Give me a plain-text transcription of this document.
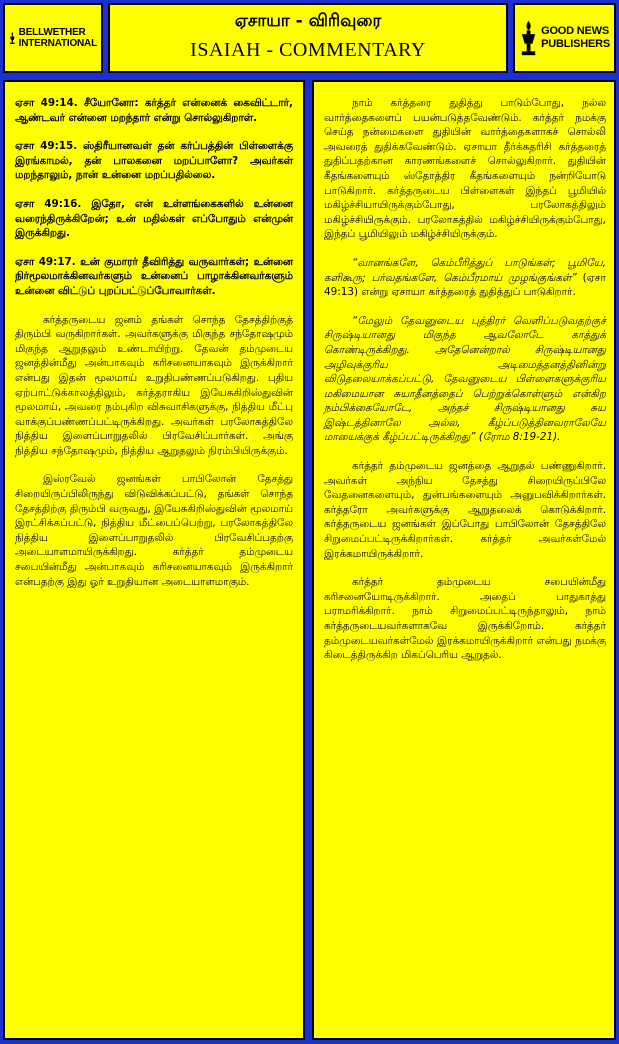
BELLWETHER
INTERNATIONAL
ஏசாயா - விரிவுரை
ISAIAH - COMMENTARY
GOOD NEWS
PUBLISHERS

ஏசா 49:14. சீயோனோ: கர்த்தர் என்னைக் கைவிட்டார், ஆண்டவர் என்னை மறந்தார் என்று சொல்லுகிறாள்.

ஏசா 49:15. ஸ்திரீயானவள் தன் கர்ப்பத்தின் பிள்ளைக்கு இரங்காமல், தன் பாலகனை மறப்பாளோ? அவர்கள் மறந்தாலும், நான் உன்னை மறப்பதில்லை.

ஏசா 49:16. இதோ, என் உள்ளங்கைகளில் உன்னை வரைந்திருக்கிறேன்; உன் மதில்கள் எப்போதும் என்முன் இருக்கிறது.

ஏசா 49:17. உன் குமாரர் தீவிரித்து வருவார்கள்; உன்னை நிர்மூலமாக்கினவர்களும் உன்னைப் பாழாக்கினவர்களும் உன்னை விட்டுப் புறப்பட்டுப்போவார்கள்.

கர்த்தருடைய ஜனம் தங்கள் சொந்த தேசத்திற்குத் திரும்பி வருகிறார்கள். அவர்களுக்கு மிகுந்த சந்தோஷமும் மிகுந்த ஆறுதலும் உண்டாயிற்று. தேவன் தம்முடைய ஜனத்தின்மீது அன்பாகவும் கரிசனையாகவும் இருக்கிறார் என்பது இதன் மூலமாய் உறுதிபண்ணப்படுகிறது. புதிய ஏற்பாட்டுக்காலத்திலும், கர்த்தராகிய இயேசுகிறிஸ்துவின் மூலமாய், அவரை நம்புகிற விசுவாசிகளுக்கு, நித்திய மீட்பு வாக்குப்பண்ணப்பட்டிருக்கிறது. அவர்கள் பரலோகத்திலே நித்திய இளைப்பாறுதலில் பிரவேசிப்பார்கள். அங்கு நித்திய சந்தோஷமும், நித்திய ஆறுதலும் நிரம்பியிருக்கும்.

இஸ்ரவேல் ஜனங்கள் பாபிலோன் தேசத்து சிறையிருப்பிலிருந்து விடுவிக்கப்பட்டு, தங்கள் சொந்த தேசத்திற்கு திரும்பி வருவது, இயேசுகிறிஸ்துவின் மூலமாய் இரட்சிக்கப்பட்டு, நித்திய மீட்பைப்பெற்று, பரலோகத்திலே நித்திய இளைப்பாறுதலில் பிரவேசிப்பதற்கு அடையாளமாயிருக்கிறது. கர்த்தர் தம்முடைய சபையின்மீது அன்பாகவும் கரிசனையாகவும் இருக்கிறார் என்பதற்கு இது ஓர் உறுதியான அடையாளமாகும்.

நாம் கர்த்தரை துதித்து பாடும்போது, நல்ல வார்த்தைகளைப் பயன்படுத்தவேண்டும். கர்த்தர் நமக்கு செய்த நன்மைகளை துதியின் வார்த்தைகளாகச் சொல்லி அவரைத் துதிக்கவேண்டும். ஏசாயா தீர்க்கதரிசி கர்த்தரைத் துதிப்பதற்கான காரணங்களைச் சொல்லுகிறார். துதியின் கீதங்களையும் ஸ்தோத்திர கீதங்களையும் நன்றியோடு பாடுகிறார். கர்த்தருடைய பிள்ளைகள் இந்தப் பூமியில் மகிழ்ச்சியாயிருக்கும்போது, பரலோகத்திலும் மகிழ்ச்சியிருக்கும். பரலோகத்தில் மகிழ்ச்சியிருக்கும்போது, இந்தப் பூமியிலும் மகிழ்ச்சியிருக்கும்.

“வானங்களே, கெம்பீரித்துப் பாடுங்கள்; பூமியே, களிகூரு; பர்வதங்களே, கெம்பீரமாய் முழங்குங்கள்” (ஏசா 49:13) என்று ஏசாயா கர்த்தரைத் துதித்துப் பாடுகிறார்.

“மேலும் தேவனுடைய புத்திரர் வெளிப்படுவதற்குச் சிருஷ்டியானது மிகுந்த ஆவலோடே காத்துக் கொண்டிருக்கிறது. அதேனென்றால் சிருஷ்டியானது அழிவுக்குரிய அடிமைத்தனத்தினின்று விடுதலையாக்கப்பட்டு, தேவனுடைய பிள்ளைகளுக்குரிய மகிமையான சுயாதீனத்தைப் பெற்றுக்கொள்ளும் என்கிற நம்பிக்கையோடே, அந்தச் சிருஷ்டியானது சுய இஷ்டத்தினாலே அல்ல, கீழ்ப்படுத்தினவராலேயே மாயைக்குக் கீழ்ப்பட்டிருக்கிறது” (ரோம 8:19-21).

கர்த்தர் தம்முடைய ஜனத்தை ஆறுதல் பண்ணுகிறார். அவர்கள் அந்நிய தேசத்து சிறையிருப்பிலே வேதனைகளையும், துன்பங்களையும் அனுபவிக்கிறார்கள். கர்த்தரோ அவர்களுக்கு ஆறுதலைக் கொடுக்கிறார். கர்த்தருடைய ஜனங்கள் இப்போது பாபிலோன் தேசத்திலே சிறுமைப்பட்டிருக்கிறார்கள். கர்த்தர் அவர்கள்மேல் இரக்கமாயிருக்கிறார்.

கர்த்தர் தம்முடைய சபையின்மீது கரிசனையோடிருக்கிறார். அதைப் பாதுகாத்து பராமரிக்கிறார். நாம் சிறுமைப்பட்டிருந்தாலும், நாம் கர்த்தருடையவர்களாகவே இருக்கிறோம். கர்த்தர் தம்முடையவர்கள்மேல் இரக்கமாயிருக்கிறார் என்பது நமக்கு கிடைத்திருக்கிற மிகப்பெரிய ஆறுதல்.
